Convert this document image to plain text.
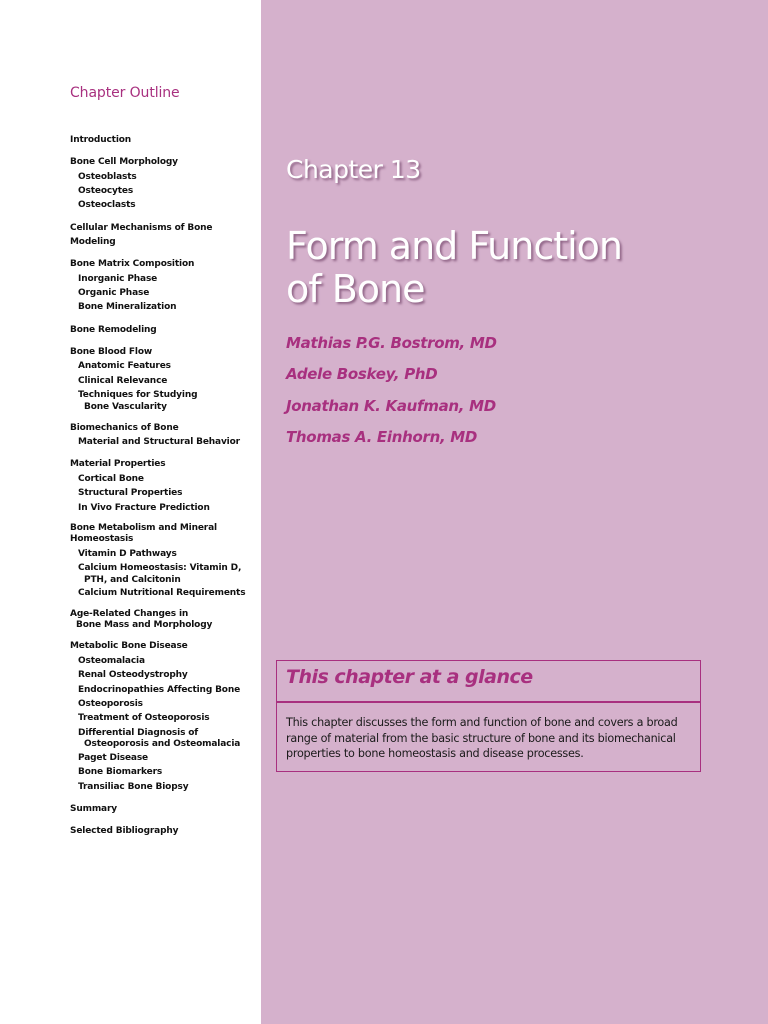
Chapter Outline
Introduction
Bone Cell Morphology
Osteoblasts
Osteocytes
Osteoclasts
Cellular Mechanisms of Bone Modeling
Bone Matrix Composition
Inorganic Phase
Organic Phase
Bone Mineralization
Bone Remodeling
Bone Blood Flow
Anatomic Features
Clinical Relevance
Techniques for Studying
Bone Vascularity
Biomechanics of Bone
Material and Structural Behavior
Material Properties
Cortical Bone
Structural Properties
In Vivo Fracture Prediction
Bone Metabolism and Mineral Homeostasis
Vitamin D Pathways
Calcium Homeostasis: Vitamin D,
PTH, and Calcitonin
Calcium Nutritional Requirements
Age-Related Changes in
Bone Mass and Morphology
Metabolic Bone Disease
Osteomalacia
Renal Osteodystrophy
Endocrinopathies Affecting Bone
Osteoporosis
Treatment of Osteoporosis
Differential Diagnosis of
Osteoporosis and Osteomalacia
Paget Disease
Bone Biomarkers
Transiliac Bone Biopsy
Summary
Selected Bibliography
Chapter 13
Form and Function
of Bone
Mathias P.G. Bostrom, MD
Adele Boskey, PhD
Jonathan K. Kaufman, MD
Thomas A. Einhorn, MD
This chapter at a glance
This chapter discusses the form and function of bone and covers a broad range of material from the basic structure of bone and its biomechanical properties to bone homeostasis and disease processes.
